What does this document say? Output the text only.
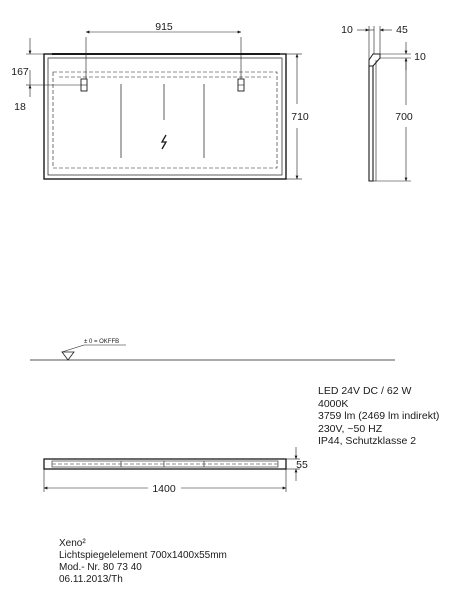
915
710
167
18
10	45
10
700
± 0 = OKFFB
1400
55
LED 24V DC / 62 W
4000K
3759 lm (2469 lm indirekt)
230V, ~50 HZ
IP44, Schutzklasse 2
Xeno²
Lichtspiegelelement 700x1400x55mm
Mod.- Nr. 80 73 40
06.11.2013/Th
